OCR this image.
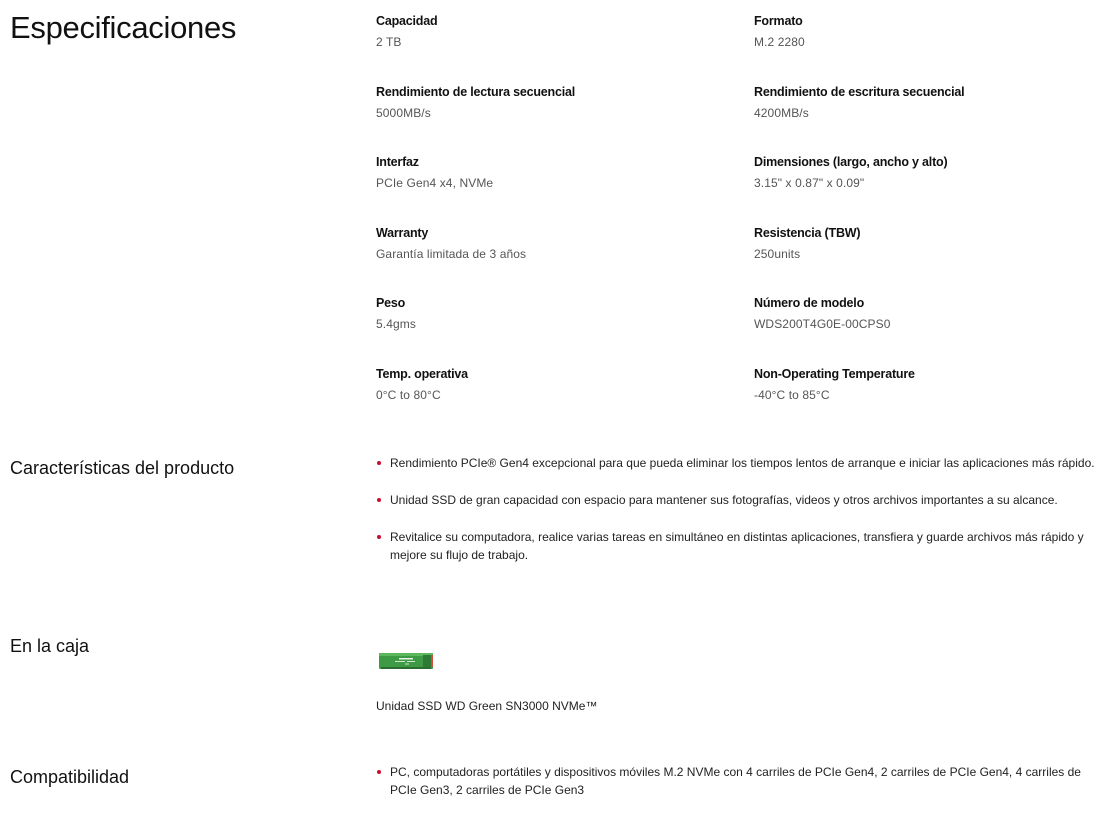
Especificaciones	Capacidad
2 TB
Formato
M.2 2280
Rendimiento de lectura secuencial
5000MB/s
Rendimiento de escritura secuencial
4200MB/s
Interfaz
PCIe Gen4 x4, NVMe
Dimensiones (largo, ancho y alto)
3.15" x 0.87" x 0.09"
Warranty
Garantía limitada de 3 años
Resistencia (TBW)
250units
Peso
5.4gms
Número de modelo
WDS200T4G0E-00CPS0
Temp. operativa
0°C to 80°C
Non-Operating Temperature
-40°C to 85°C
Características del producto	Rendimiento PCIe® Gen4 excepcional para que pueda eliminar los tiempos lentos de arranque e iniciar las aplicaciones más rápido.
Unidad SSD de gran capacidad con espacio para mantener sus fotografías, videos y otros archivos importantes a su alcance.
Revitalice su computadora, realice varias tareas en simultáneo en distintas aplicaciones, transfiera y guarde archivos más rápido y mejore su flujo de trabajo.
En la caja
Unidad SSD WD Green SN3000 NVMe™
Compatibilidad	PC, computadoras portátiles y dispositivos móviles M.2 NVMe con 4 carriles de PCIe Gen4, 2 carriles de PCIe Gen4, 4 carriles de PCIe Gen3, 2 carriles de PCIe Gen3
